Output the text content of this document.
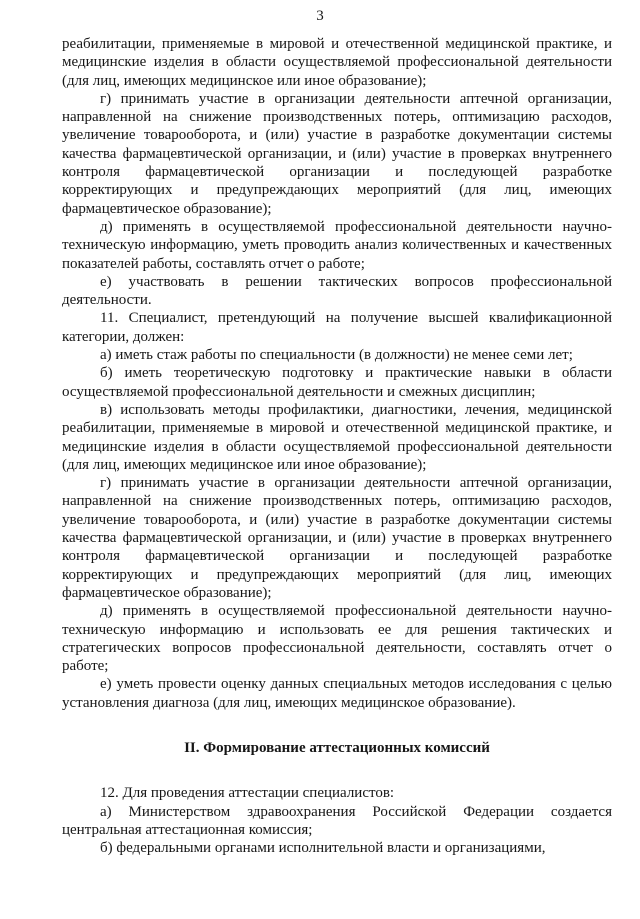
3

реабилитации, применяемые в мировой и отечественной медицинской практике, и медицинские изделия в области осуществляемой профессиональной деятельности (для лиц, имеющих медицинское или иное образование);

г) принимать участие в организации деятельности аптечной организации, направленной на снижение производственных потерь, оптимизацию расходов, увеличение товарооборота, и (или) участие в разработке документации системы качества фармацевтической организации, и (или) участие в проверках внутреннего контроля фармацевтической организации и последующей разработке корректирующих и предупреждающих мероприятий (для лиц, имеющих фармацевтическое образование);

д) применять в осуществляемой профессиональной деятельности научно-техническую информацию, уметь проводить анализ количественных и качественных показателей работы, составлять отчет о работе;

е) участвовать в решении тактических вопросов профессиональной деятельности.

11. Специалист, претендующий на получение высшей квалификационной категории, должен:

а) иметь стаж работы по специальности (в должности) не менее семи лет;

б) иметь теоретическую подготовку и практические навыки в области осуществляемой профессиональной деятельности и смежных дисциплин;

в) использовать методы профилактики, диагностики, лечения, медицинской реабилитации, применяемые в мировой и отечественной медицинской практике, и медицинские изделия в области осуществляемой профессиональной деятельности (для лиц, имеющих медицинское или иное образование);

г) принимать участие в организации деятельности аптечной организации, направленной на снижение производственных потерь, оптимизацию расходов, увеличение товарооборота, и (или) участие в разработке документации системы качества фармацевтической организации, и (или) участие в проверках внутреннего контроля фармацевтической организации и последующей разработке корректирующих и предупреждающих мероприятий (для лиц, имеющих фармацевтическое образование);

д) применять в осуществляемой профессиональной деятельности научно-техническую информацию и использовать ее для решения тактических и стратегических вопросов профессиональной деятельности, составлять отчет о работе;

е) уметь провести оценку данных специальных методов исследования с целью установления диагноза (для лиц, имеющих медицинское образование).

II. Формирование аттестационных комиссий

12. Для проведения аттестации специалистов:

а) Министерством здравоохранения Российской Федерации создается центральная аттестационная комиссия;

б) федеральными органами исполнительной власти и организациями,
